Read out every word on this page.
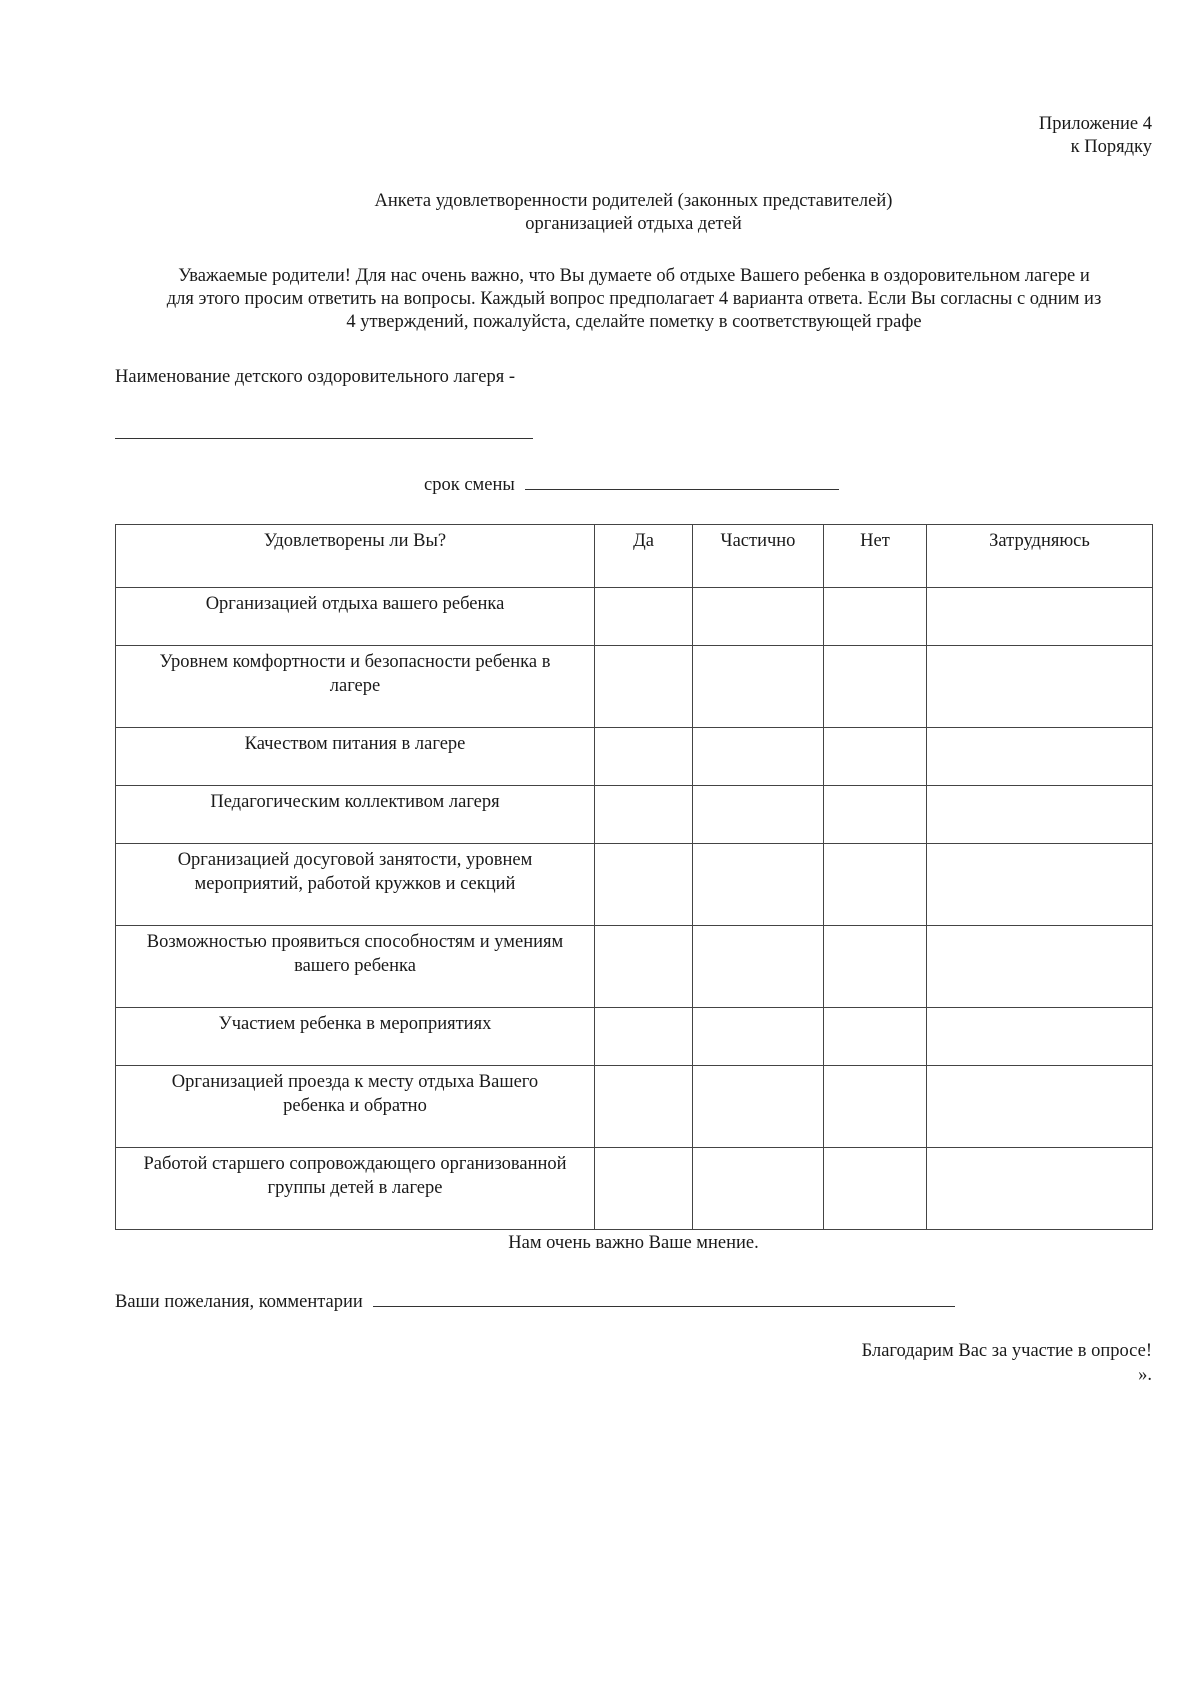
Приложение 4
к Порядку
Анкета удовлетворенности родителей (законных представителей)
организацией отдыха детей
Уважаемые родители! Для нас очень важно, что Вы думаете об отдыхе Вашего ребенка в оздоровительном лагере и
для этого просим ответить на вопросы. Каждый вопрос предполагает 4 варианта ответа. Если Вы согласны с одним из
4 утверждений, пожалуйста, сделайте пометку в соответствующей графе
Наименование детского оздоровительного лагеря -
срок смены
Удовлетворены ли Вы?	Да	Частично	Нет	Затрудняюсь

Организацией отдыха вашего ребенка				

Уровнем комфортности и безопасности ребенка в
лагере				

Качеством питания в лагере				

Педагогическим коллективом лагеря				

Организацией досуговой занятости, уровнем
мероприятий, работой кружков и секций				

Возможностью проявиться способностям и умениям
вашего ребенка				

Участием ребенка в мероприятиях				

Организацией проезда к месту отдыха Вашего
ребенка и обратно				

Работой старшего сопровождающего организованной
группы детей в лагере				

Нам очень важно Ваше мнение.
Ваши пожелания, комментарии
Благодарим Вас за участие в опросе!
».
